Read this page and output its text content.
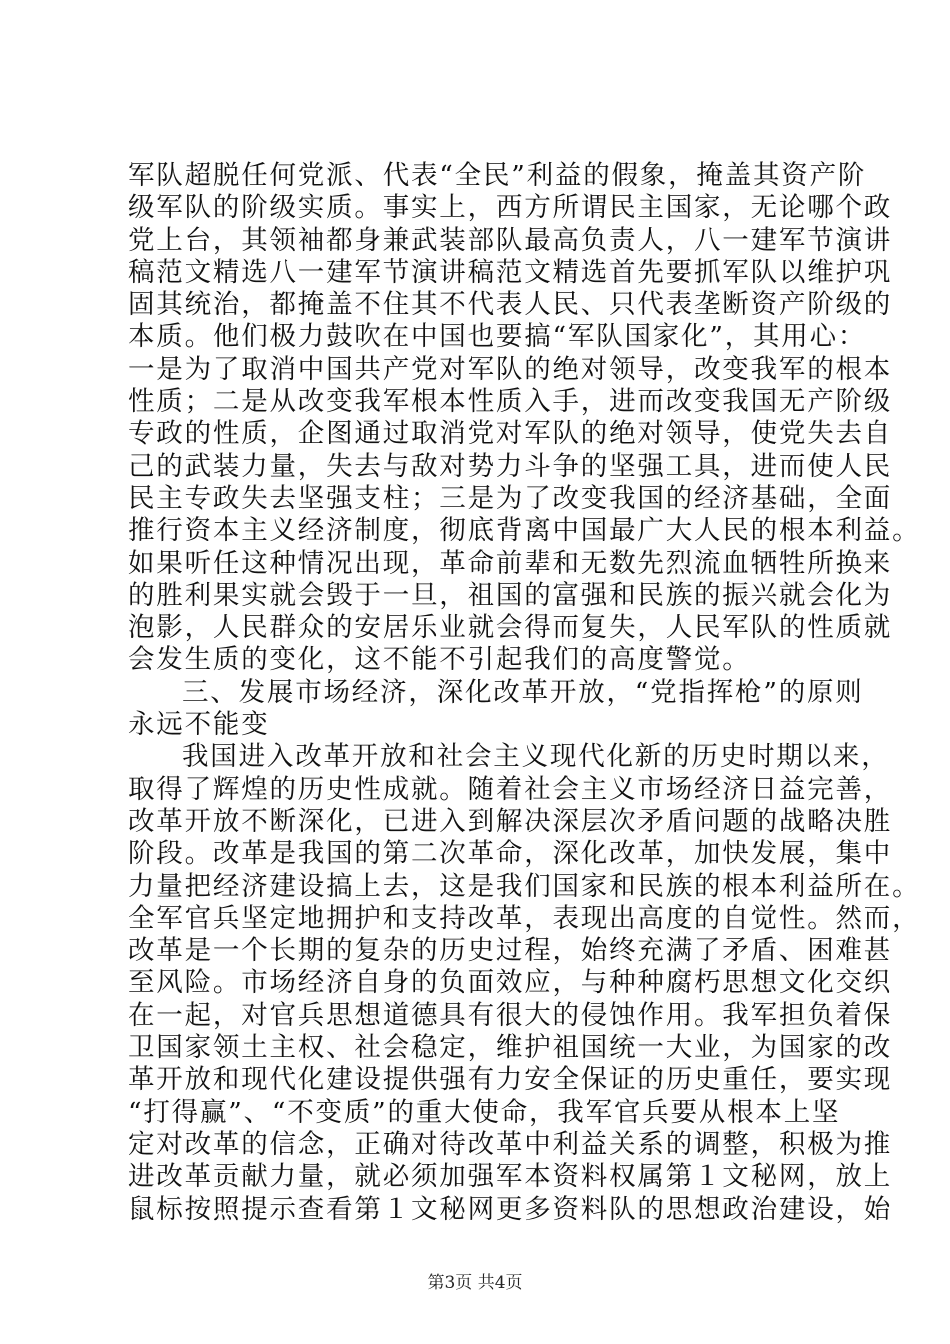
军队超脱任何党派、代表“全民”利益的假象，掩盖其资产阶
级军队的阶级实质。事实上，西方所谓民主国家，无论哪个政
党上台，其领袖都身兼武装部队最高负责人，八一建军节演讲
稿范文精选八一建军节演讲稿范文精选首先要抓军队以维护巩
固其统治，都掩盖不住其不代表人民、只代表垄断资产阶级的
本质。他们极力鼓吹在中国也要搞“军队国家化”，其用心：
一是为了取消中国共产党对军队的绝对领导，改变我军的根本
性质；二是从改变我军根本性质入手，进而改变我国无产阶级
专政的性质，企图通过取消党对军队的绝对领导，使党失去自
己的武装力量，失去与敌对势力斗争的坚强工具，进而使人民
民主专政失去坚强支柱；三是为了改变我国的经济基础，全面
推行资本主义经济制度，彻底背离中国最广大人民的根本利益。
如果听任这种情况出现，革命前辈和无数先烈流血牺牲所换来
的胜利果实就会毁于一旦，祖国的富强和民族的振兴就会化为
泡影，人民群众的安居乐业就会得而复失，人民军队的性质就
会发生质的变化，这不能不引起我们的高度警觉。
三、发展市场经济，深化改革开放，“党指挥枪”的原则
永远不能变
我国进入改革开放和社会主义现代化新的历史时期以来，
取得了辉煌的历史性成就。随着社会主义市场经济日益完善，
改革开放不断深化，已进入到解决深层次矛盾问题的战略决胜
阶段。改革是我国的第二次革命，深化改革，加快发展，集中
力量把经济建设搞上去，这是我们国家和民族的根本利益所在。
全军官兵坚定地拥护和支持改革，表现出高度的自觉性。然而，
改革是一个长期的复杂的历史过程，始终充满了矛盾、困难甚
至风险。市场经济自身的负面效应，与种种腐朽思想文化交织
在一起，对官兵思想道德具有很大的侵蚀作用。我军担负着保
卫国家领土主权、社会稳定，维护祖国统一大业，为国家的改
革开放和现代化建设提供强有力安全保证的历史重任，要实现
“打得赢”、“不变质”的重大使命，我军官兵要从根本上坚
定对改革的信念，正确对待改革中利益关系的调整，积极为推
进改革贡献力量，就必须加强军本资料权属第１文秘网，放上
鼠标按照提示查看第１文秘网更多资料队的思想政治建设，始
第3页 共4页
